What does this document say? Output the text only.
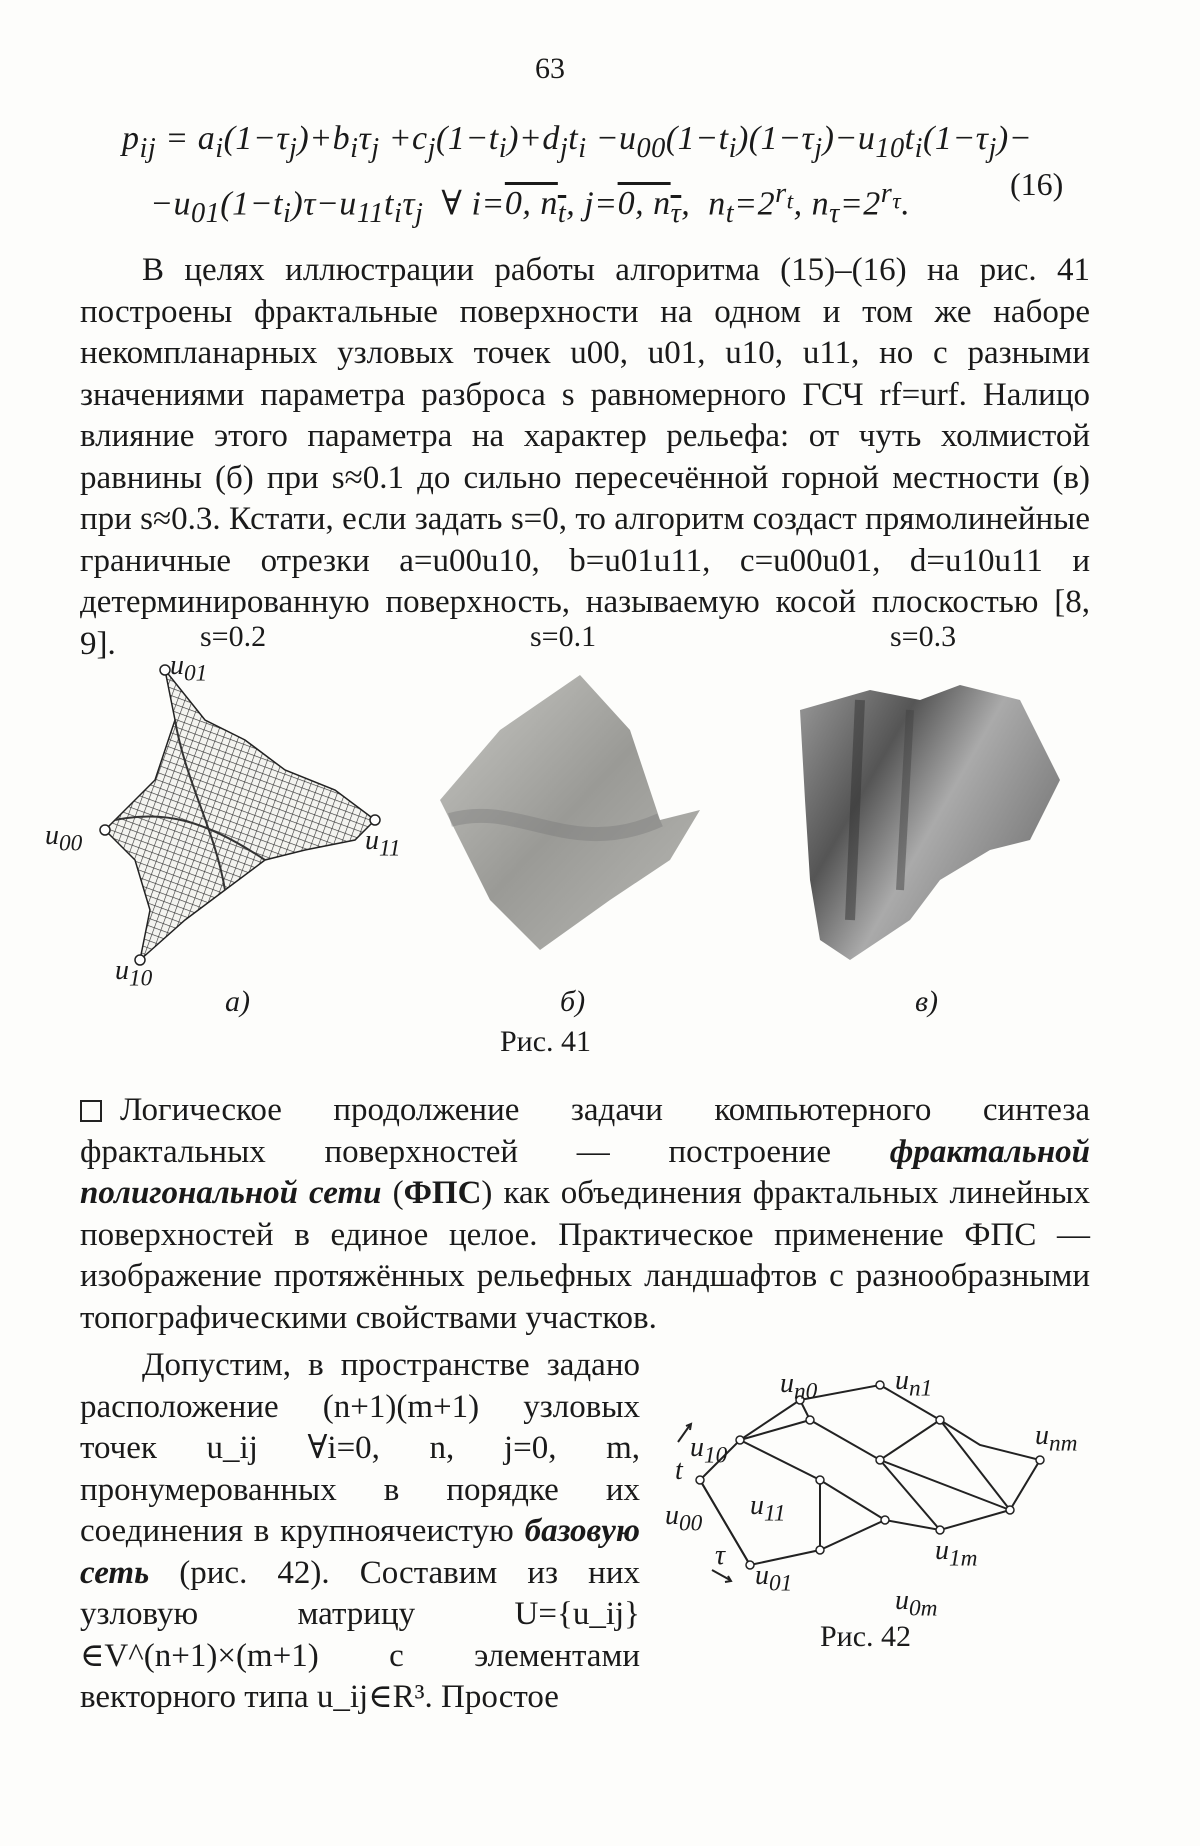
63
$p_{ij} = a_i(1-\tau_j)+b_i\tau_j +c_j(1-t_i)+d_jt_i -u_{00}(1-t_i)(1-\tau_j)-u_{10}t_i(1-\tau_j)-$
$-u_{01}(1-t_i)\tau-u_{11}t_i\tau_j$  ∀ i=0, $n_t$, j=0, $n_\tau$,  $n_t=2^{r_t}$, $n_\tau=2^{r_\tau}$.
(16)
В целях иллюстрации работы алгоритма (15)–(16) на рис. 41 построены фрактальные поверхности на одном и том же наборе некомпланарных узловых точек u00, u01, u10, u11, но с разными значениями параметра разброса s равномерного ГСЧ rf=urf. Налицо влияние этого параметра на характер рельефа: от чуть холмистой равнины (б) при s≈0.1 до сильно пересечённой горной местности (в) при s≈0.3. Кстати, если задать s=0, то алгоритм создаст прямолинейные граничные отрезки a=u00u10, b=u01u11, c=u00u01, d=u10u11 и детерминированную поверхность, называемую косой плоскостью [8, 9].	s=0.2	s=0.1	s=0.3
$u_{01}$
$u_{00}$	$u_{11}$
$u_{10}$
а)	б)	в)
Рис. 41
Логическое продолжение задачи компьютерного синтеза фрактальных поверхностей — построение фрактальной полигональной сети (ФПС) как объединения фрактальных линейных поверхностей в единое целое. Практическое применение ФПС — изображение протяжённых рельефных ландшафтов с разнообразными топографическими свойствами участков.
Допустим, в пространстве задано расположение (n+1)(m+1) узловых точек u_ij ∀i=0, n, j=0, m, пронумерованных в порядке их соединения в крупноячеистую базовую сеть (рис. 42). Составим из них узловую матрицу U={u_ij}∈V^(n+1)×(m+1) с элементами векторного типа u_ij∈R³. Простое
$u_{n0}$	$u_{n1}$
$u_{nm}$
$u_{10}$
t
$u_{00}$
$u_{11}$
τ
$u_{01}$
$u_{1m}$
$u_{0m}$
Рис. 42
